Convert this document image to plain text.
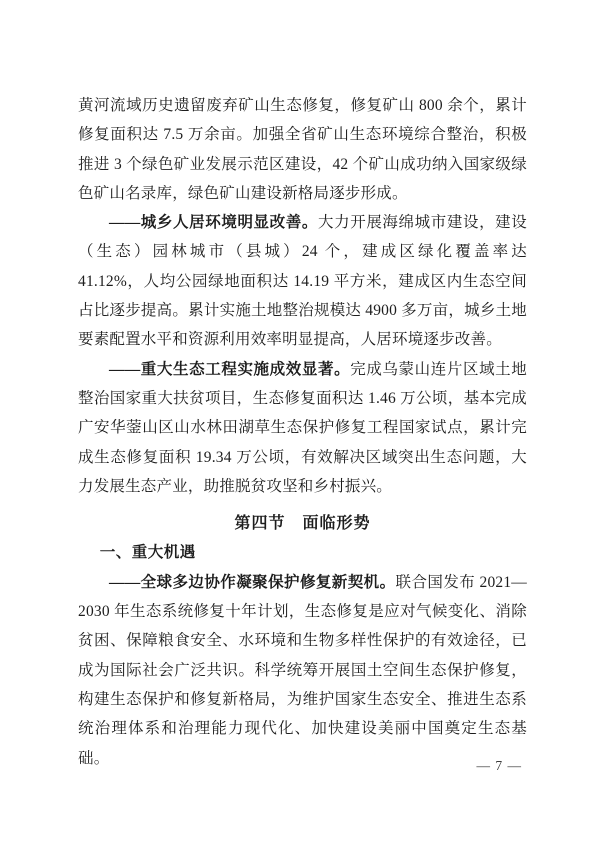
黄河流域历史遗留废弃矿山生态修复，修复矿山 800 余个，累计修复面积达 7.5 万余亩。加强全省矿山生态环境综合整治，积极推进 3 个绿色矿业发展示范区建设，42 个矿山成功纳入国家级绿色矿山名录库，绿色矿山建设新格局逐步形成。

——城乡人居环境明显改善。大力开展海绵城市建设，建设（生态）园林城市（县城）24 个，建成区绿化覆盖率达 41.12%，人均公园绿地面积达 14.19 平方米，建成区内生态空间占比逐步提高。累计实施土地整治规模达 4900 多万亩，城乡土地要素配置水平和资源利用效率明显提高，人居环境逐步改善。

——重大生态工程实施成效显著。完成乌蒙山连片区域土地整治国家重大扶贫项目，生态修复面积达 1.46 万公顷，基本完成广安华蓥山区山水林田湖草生态保护修复工程国家试点，累计完成生态修复面积 19.34 万公顷，有效解决区域突出生态问题，大力发展生态产业，助推脱贫攻坚和乡村振兴。

第四节　面临形势
一、重大机遇

——全球多边协作凝聚保护修复新契机。联合国发布 2021—2030 年生态系统修复十年计划，生态修复是应对气候变化、消除贫困、保障粮食安全、水环境和生物多样性保护的有效途径，已成为国际社会广泛共识。科学统筹开展国土空间生态保护修复，构建生态保护和修复新格局，为维护国家生态安全、推进生态系统治理体系和治理能力现代化、加快建设美丽中国奠定生态基础。	— 7 —
